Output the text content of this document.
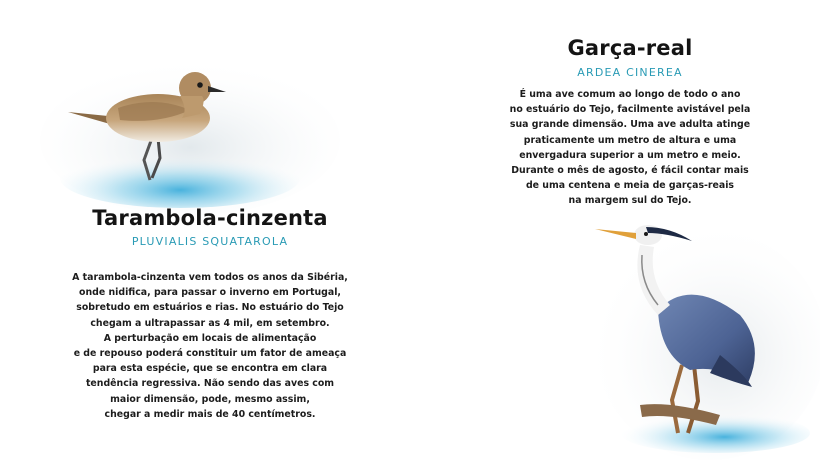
Tarambola-cinzenta
PLUVIALIS SQUATAROLA
A tarambola-cinzenta vem todos os anos da Sibéria,
onde nidifica, para passar o inverno em Portugal,
sobretudo em estuários e rias. No estuário do Tejo
chegam a ultrapassar as 4 mil, em setembro.
A perturbação em locais de alimentação
e de repouso poderá constituir um fator de ameaça
para esta espécie, que se encontra em clara
tendência regressiva. Não sendo das aves com
maior dimensão, pode, mesmo assim,
chegar a medir mais de 40 centímetros.
Garça-real
ARDEA CINEREA
É uma ave comum ao longo de todo o ano
no estuário do Tejo, facilmente avistável pela
sua grande dimensão. Uma ave adulta atinge
praticamente um metro de altura e uma
envergadura superior a um metro e meio.
Durante o mês de agosto, é fácil contar mais
de uma centena e meia de garças-reais
na margem sul do Tejo.
